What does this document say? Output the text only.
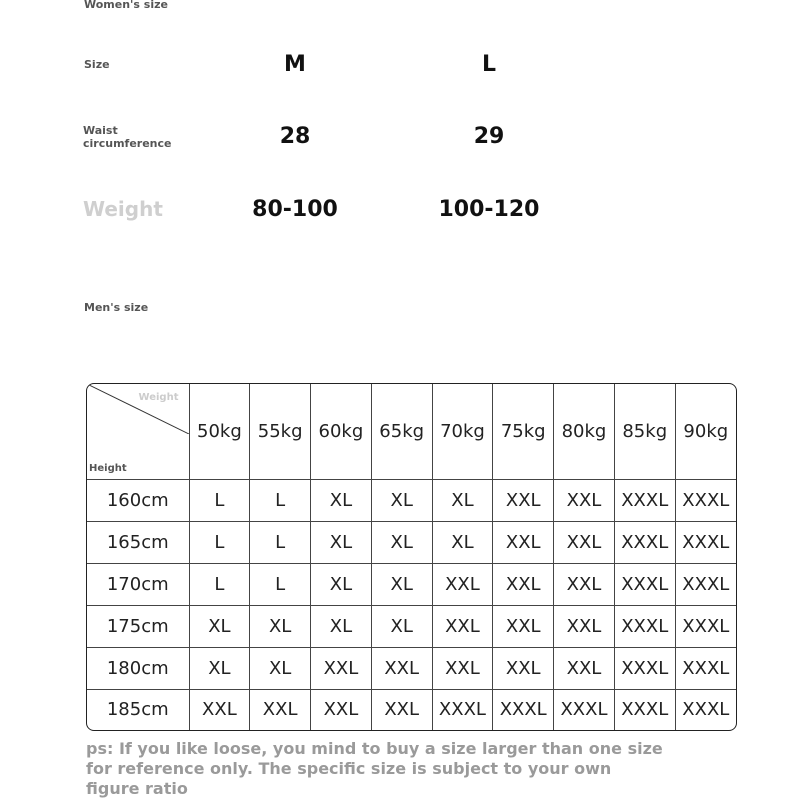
Women's size
Size	M	L
Waist circumference	28	29
Weight	80-100	100-120
Men's size
Weight
Height	50kg	55kg	60kg	65kg	70kg	75kg	80kg	85kg	90kg
160cm	L	L	XL	XL	XL	XXL	XXL	XXXL	XXXL
165cm	L	L	XL	XL	XL	XXL	XXL	XXXL	XXXL
170cm	L	L	XL	XL	XXL	XXL	XXL	XXXL	XXXL
175cm	XL	XL	XL	XL	XXL	XXL	XXL	XXXL	XXXL
180cm	XL	XL	XXL	XXL	XXL	XXL	XXL	XXXL	XXXL
185cm	XXL	XXL	XXL	XXL	XXXL	XXXL	XXXL	XXXL	XXXL
ps: If you like loose, you mind to buy a size larger than one size for reference only. The specific size is subject to your own figure ratio
